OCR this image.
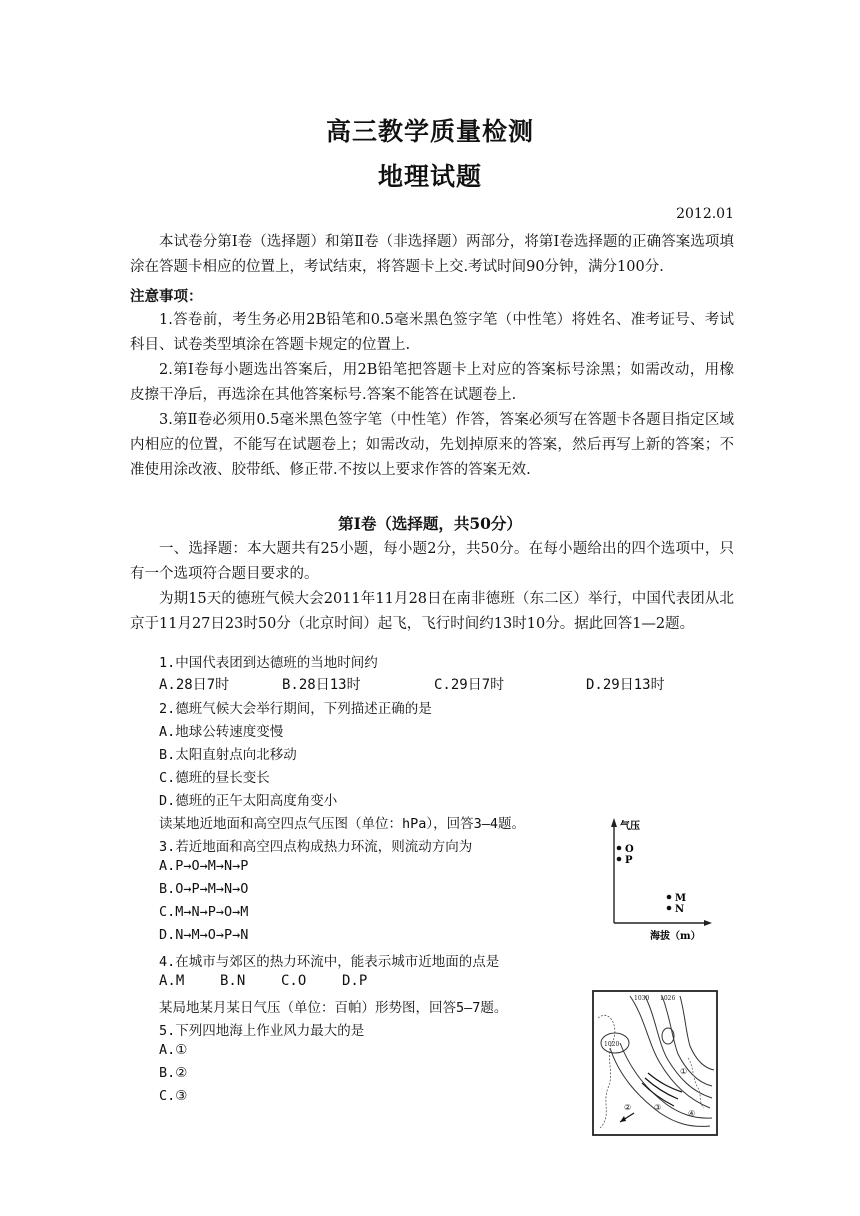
高三教学质量检测
地理试题
2012.01

本试卷分第Ⅰ卷（选择题）和第Ⅱ卷（非选择题）两部分，将第Ⅰ卷选择题的正确答案选项填涂在答题卡相应的位置上，考试结束，将答题卡上交.考试时间90分钟，满分100分.

注意事项：

1.答卷前，考生务必用2B铅笔和0.5毫米黑色签字笔（中性笔）将姓名、准考证号、考试科目、试卷类型填涂在答题卡规定的位置上.

2.第Ⅰ卷每小题选出答案后，用2B铅笔把答题卡上对应的答案标号涂黑；如需改动，用橡皮擦干净后，再选涂在其他答案标号.答案不能答在试题卷上.

3.第Ⅱ卷必须用0.5毫米黑色签字笔（中性笔）作答，答案必须写在答题卡各题目指定区域内相应的位置，不能写在试题卷上；如需改动，先划掉原来的答案，然后再写上新的答案；不准使用涂改液、胶带纸、修正带.不按以上要求作答的答案无效.

第Ⅰ卷（选择题，共50分）

一、选择题：本大题共有25小题，每小题2分，共50分。在每小题给出的四个选项中，只有一个选项符合题目要求的。

为期15天的德班气候大会2011年11月28日在南非德班（东二区）举行，中国代表团从北京于11月27日23时50分（北京时间）起飞，飞行时间约13时10分。据此回答1—2题。

1.中国代表团到达德班的当地时间约
A.28日7时	B.28日13时	C.29日7时	D.29日13时
2.德班气候大会举行期间，下列描述正确的是
A.地球公转速度变慢
B.太阳直射点向北移动
C.德班的昼长变长
D.德班的正午太阳高度角变小
读某地近地面和高空四点气压图（单位：hPa），回答3—4题。
3.若近地面和高空四点构成热力环流，则流动方向为
A.P→O→M→N→P
B.O→P→M→N→O
C.M→N→P→O→M
D.N→M→O→P→N
4.在城市与郊区的热力环流中，能表示城市近地面的点是
A.M	B.N	C.O	D.P
某局地某月某日气压（单位：百帕）形势图，回答5—7题。
5.下列四地海上作业风力最大的是
A.①
B.②
C.③
气压
O
P
M
N
海拔（m）
1030 1026
1020
①
②	③
④
